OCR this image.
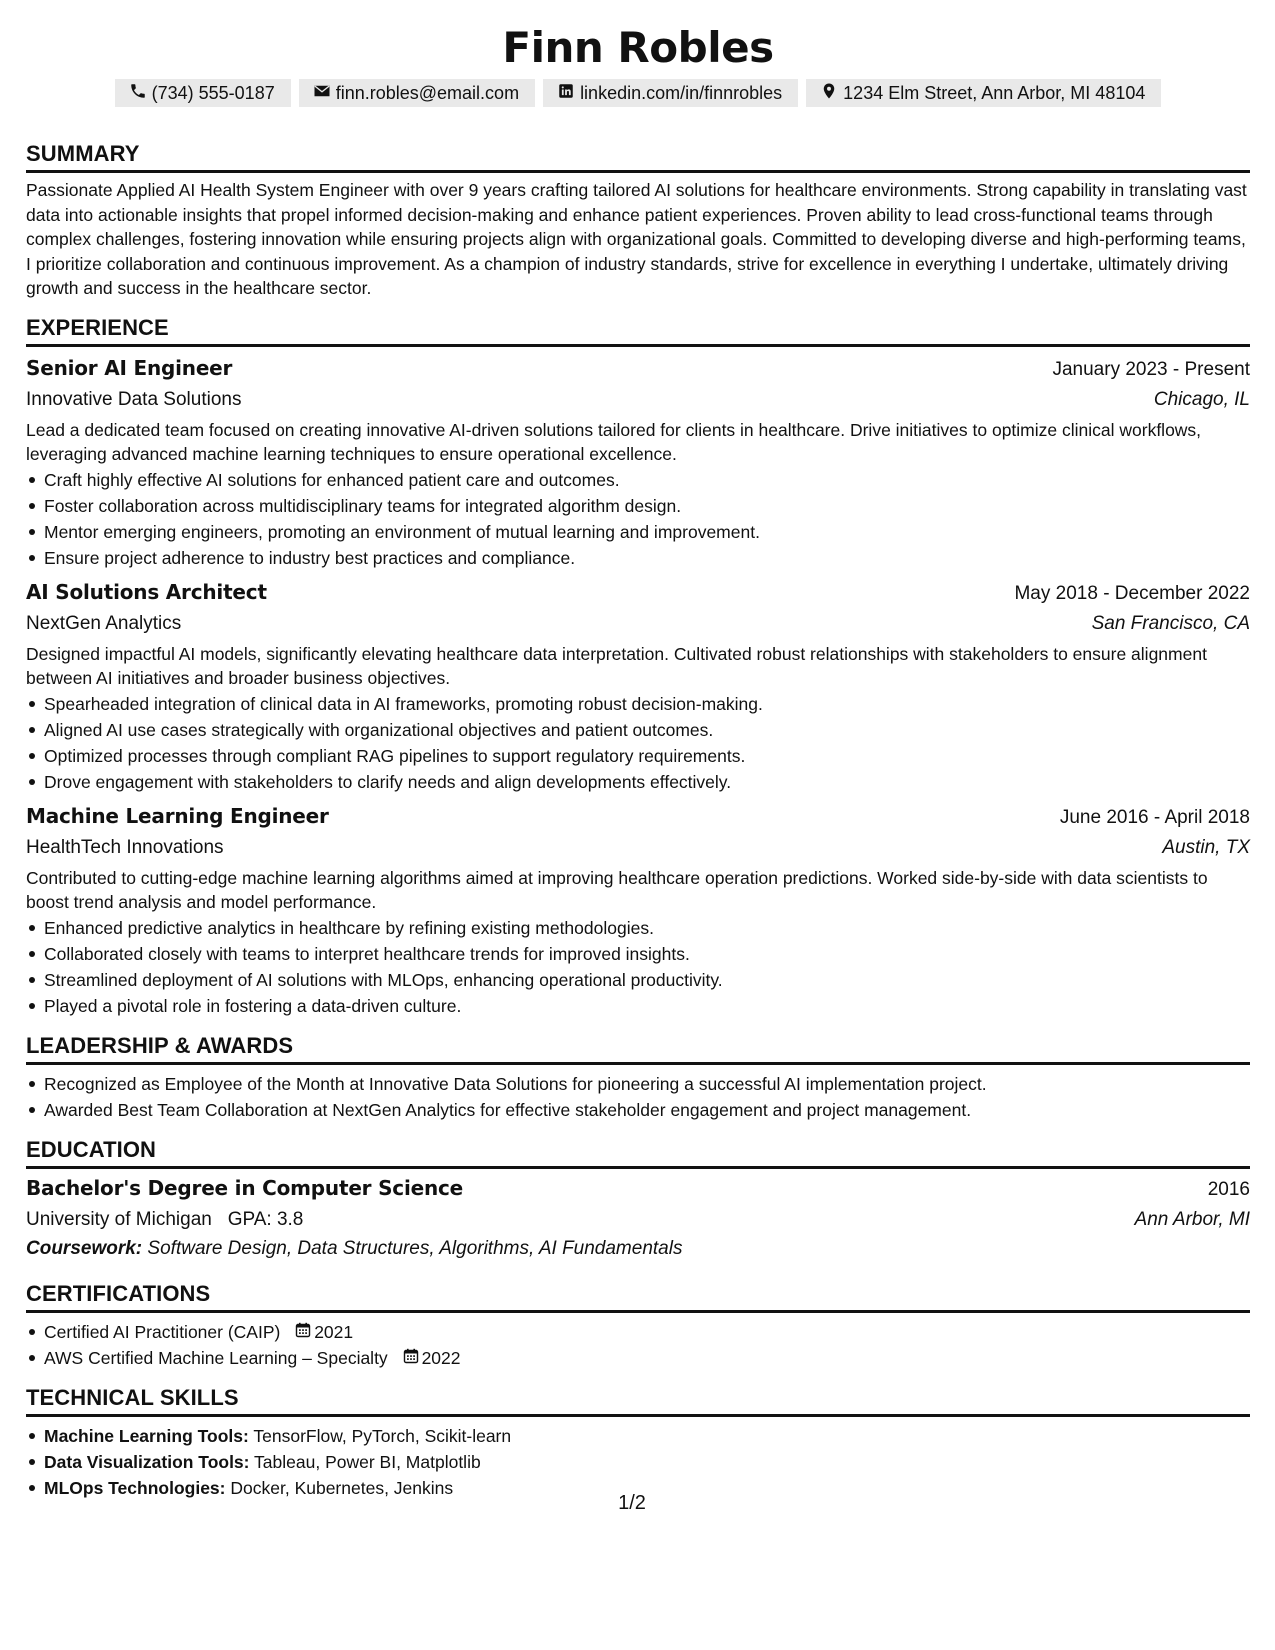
Finn Robles
(734) 555-0187	finn.robles@email.com	linkedin.com/in/finnrobles	1234 Elm Street, Ann Arbor, MI 48104
SUMMARY
Passionate Applied AI Health System Engineer with over 9 years crafting tailored AI solutions for healthcare environments. Strong capability in translating vast data into actionable insights that propel informed decision-making and enhance patient experiences. Proven ability to lead cross-functional teams through complex challenges, fostering innovation while ensuring projects align with organizational goals. Committed to developing diverse and high-performing teams, I prioritize collaboration and continuous improvement. As a champion of industry standards, strive for excellence in everything I undertake, ultimately driving growth and success in the healthcare sector.
EXPERIENCE
Senior AI Engineer	January 2023 - Present
Innovative Data Solutions	Chicago, IL
Lead a dedicated team focused on creating innovative AI-driven solutions tailored for clients in healthcare. Drive initiatives to optimize clinical workflows, leveraging advanced machine learning techniques to ensure operational excellence.
Craft highly effective AI solutions for enhanced patient care and outcomes.
Foster collaboration across multidisciplinary teams for integrated algorithm design.
Mentor emerging engineers, promoting an environment of mutual learning and improvement.
Ensure project adherence to industry best practices and compliance.
AI Solutions Architect	May 2018 - December 2022
NextGen Analytics	San Francisco, CA
Designed impactful AI models, significantly elevating healthcare data interpretation. Cultivated robust relationships with stakeholders to ensure alignment between AI initiatives and broader business objectives.
Spearheaded integration of clinical data in AI frameworks, promoting robust decision-making.
Aligned AI use cases strategically with organizational objectives and patient outcomes.
Optimized processes through compliant RAG pipelines to support regulatory requirements.
Drove engagement with stakeholders to clarify needs and align developments effectively.
Machine Learning Engineer	June 2016 - April 2018
HealthTech Innovations	Austin, TX
Contributed to cutting-edge machine learning algorithms aimed at improving healthcare operation predictions. Worked side-by-side with data scientists to boost trend analysis and model performance.
Enhanced predictive analytics in healthcare by refining existing methodologies.
Collaborated closely with teams to interpret healthcare trends for improved insights.
Streamlined deployment of AI solutions with MLOps, enhancing operational productivity.
Played a pivotal role in fostering a data-driven culture.
LEADERSHIP & AWARDS
Recognized as Employee of the Month at Innovative Data Solutions for pioneering a successful AI implementation project.
Awarded Best Team Collaboration at NextGen Analytics for effective stakeholder engagement and project management.
EDUCATION
Bachelor's Degree in Computer Science	2016
University of Michigan GPA: 3.8	Ann Arbor, MI
Coursework: Software Design, Data Structures, Algorithms, AI Fundamentals
CERTIFICATIONS
Certified AI Practitioner (CAIP) 2021
AWS Certified Machine Learning – Specialty 2022
TECHNICAL SKILLS
Machine Learning Tools: TensorFlow, PyTorch, Scikit-learn
Data Visualization Tools: Tableau, Power BI, Matplotlib
MLOps Technologies: Docker, Kubernetes, Jenkins
1/2
